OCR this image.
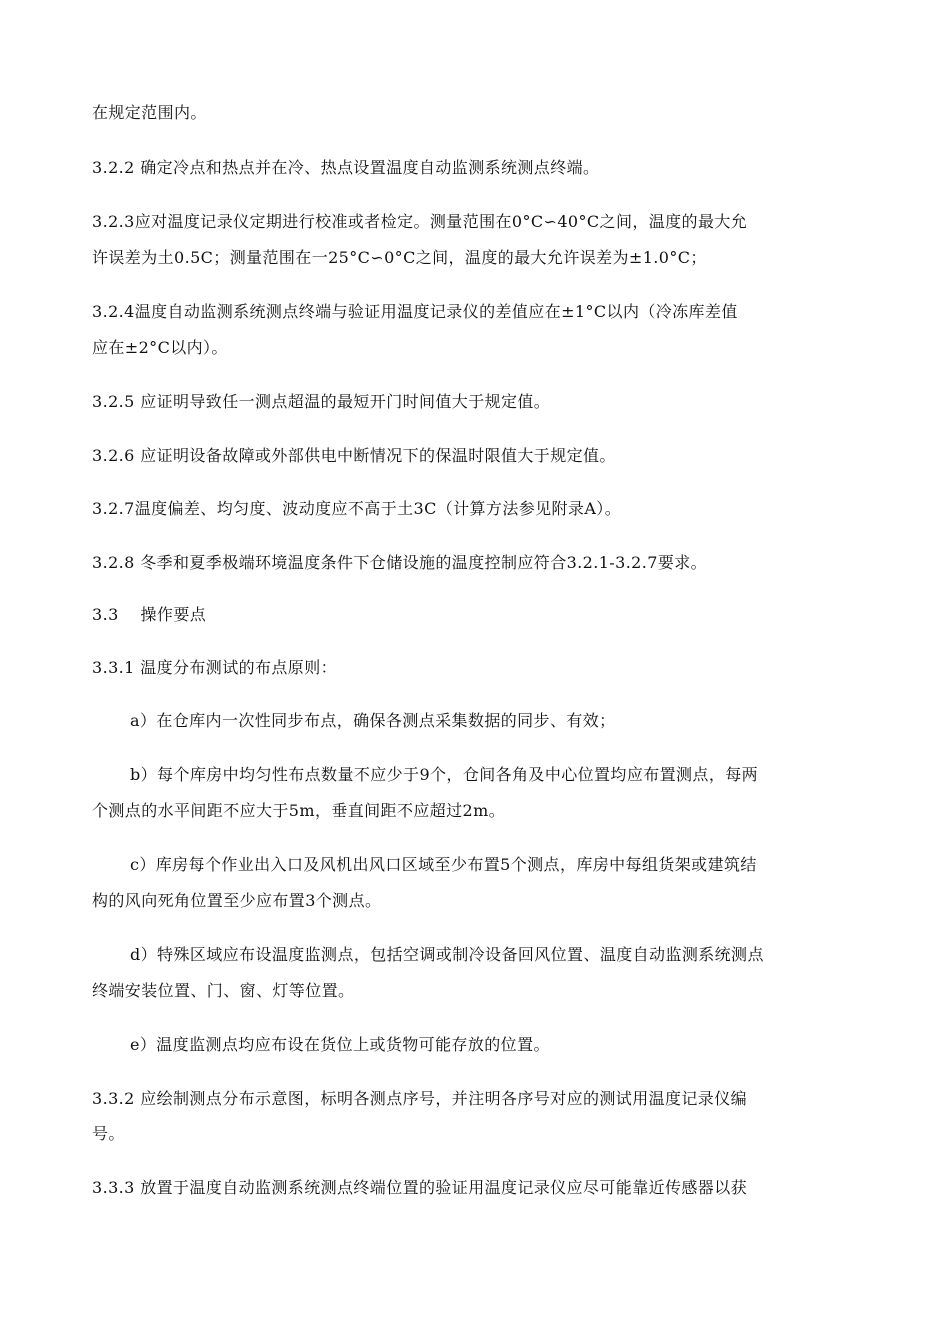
在规定范围内。

3.2.2 确定冷点和热点并在冷、热点设置温度自动监测系统测点终端。

3.2.3应对温度记录仪定期进行校准或者检定。测量范围在0°C∽40°C之间，温度的最大允

许误差为土0.5C；测量范围在一25°C∽0°C之间，温度的最大允许误差为±1.0°C；

3.2.4温度自动监测系统测点终端与验证用温度记录仪的差值应在±1°C以内（冷冻库差值

应在±2°C以内）。

3.2.5 应证明导致任一测点超温的最短开门时间值大于规定值。

3.2.6 应证明设备故障或外部供电中断情况下的保温时限值大于规定值。

3.2.7温度偏差、均匀度、波动度应不高于土3C（计算方法参见附录A）。

3.2.8 冬季和夏季极端环境温度条件下仓储设施的温度控制应符合3.2.1-3.2.7要求。

3.3　 操作要点

3.3.1 温度分布测试的布点原则：

a）在仓库内一次性同步布点，确保各测点采集数据的同步、有效；

b）每个库房中均匀性布点数量不应少于9个，仓间各角及中心位置均应布置测点，每两

个测点的水平间距不应大于5m，垂直间距不应超过2m。

c）库房每个作业出入口及风机出风口区域至少布置5个测点，库房中每组货架或建筑结

构的风向死角位置至少应布置3个测点。

d）特殊区域应布设温度监测点，包括空调或制冷设备回风位置、温度自动监测系统测点

终端安装位置、门、窗、灯等位置。

e）温度监测点均应布设在货位上或货物可能存放的位置。

3.3.2 应绘制测点分布示意图，标明各测点序号，并注明各序号对应的测试用温度记录仪编

号。

3.3.3 放置于温度自动监测系统测点终端位置的验证用温度记录仪应尽可能靠近传感器以获
